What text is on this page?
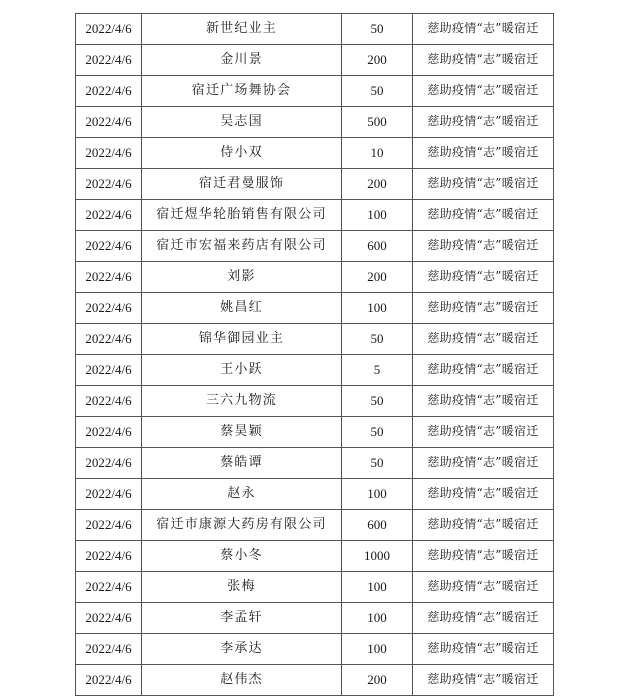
2022/4/6	新世纪业主	50	慈助疫情“志”暖宿迁
2022/4/6	金川景	200	慈助疫情“志”暖宿迁
2022/4/6	宿迁广场舞协会	50	慈助疫情“志”暖宿迁
2022/4/6	吴志国	500	慈助疫情“志”暖宿迁
2022/4/6	侍小双	10	慈助疫情“志”暖宿迁
2022/4/6	宿迁君曼服饰	200	慈助疫情“志”暖宿迁
2022/4/6	宿迁煜华轮胎销售有限公司	100	慈助疫情“志”暖宿迁
2022/4/6	宿迁市宏福来药店有限公司	600	慈助疫情“志”暖宿迁
2022/4/6	刘影	200	慈助疫情“志”暖宿迁
2022/4/6	姚昌红	100	慈助疫情“志”暖宿迁
2022/4/6	锦华御园业主	50	慈助疫情“志”暖宿迁
2022/4/6	王小跃	5	慈助疫情“志”暖宿迁
2022/4/6	三六九物流	50	慈助疫情“志”暖宿迁
2022/4/6	蔡昊颖	50	慈助疫情“志”暖宿迁
2022/4/6	蔡皓谭	50	慈助疫情“志”暖宿迁
2022/4/6	赵永	100	慈助疫情“志”暖宿迁
2022/4/6	宿迁市康源大药房有限公司	600	慈助疫情“志”暖宿迁
2022/4/6	蔡小冬	1000	慈助疫情“志”暖宿迁
2022/4/6	张梅	100	慈助疫情“志”暖宿迁
2022/4/6	李孟轩	100	慈助疫情“志”暖宿迁
2022/4/6	李承达	100	慈助疫情“志”暖宿迁
2022/4/6	赵伟杰	200	慈助疫情“志”暖宿迁
